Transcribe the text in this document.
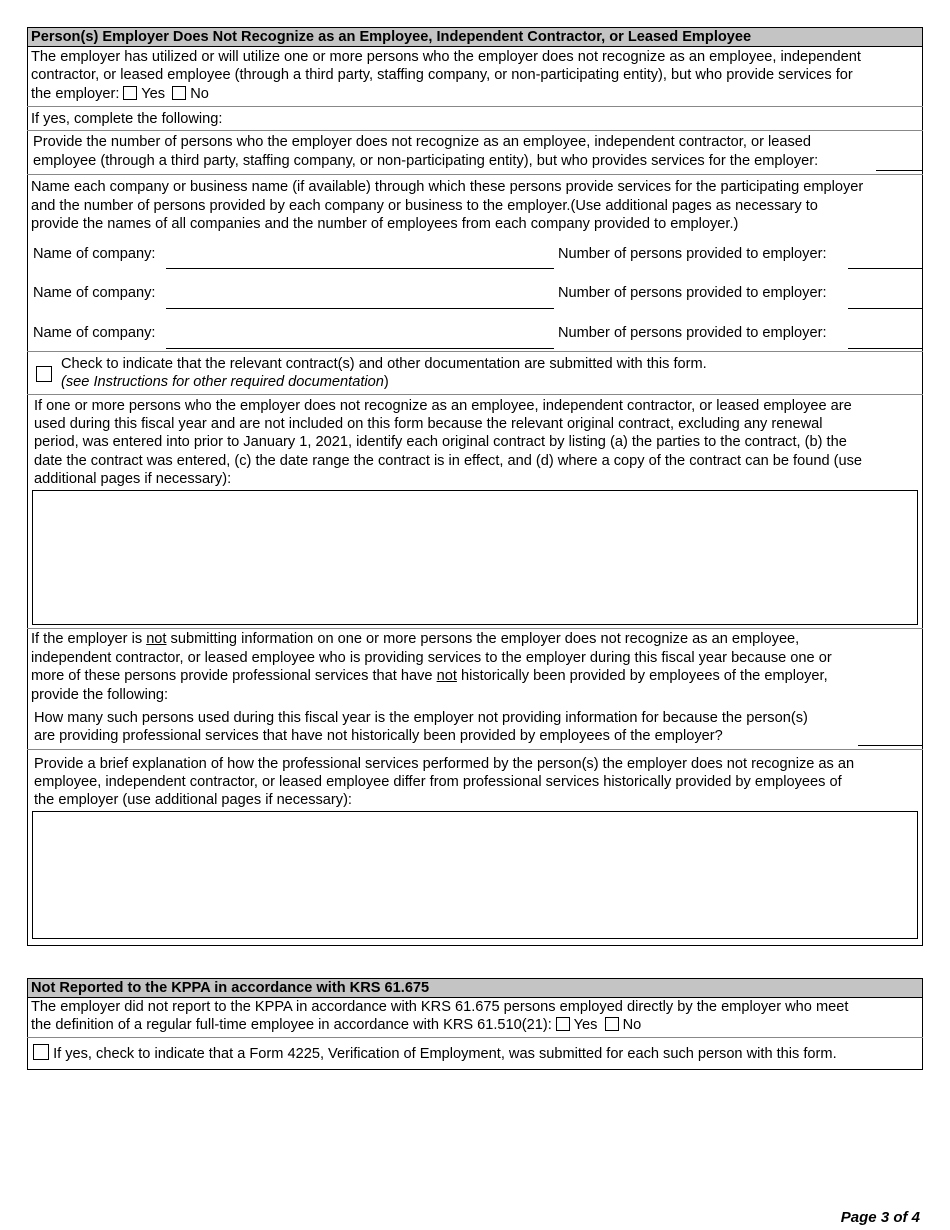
Person(s) Employer Does Not Recognize as an Employee, Independent Contractor, or Leased Employee
The employer has utilized or will utilize one or more persons who the employer does not recognize as an employee, independent
contractor, or leased employee (through a third party, staffing company, or non-participating entity), but who provide services for
the employer: Yes No
If yes, complete the following:
Provide the number of persons who the employer does not recognize as an employee, independent contractor, or leased
employee (through a third party, staffing company, or non-participating entity), but who provides services for the employer:
Name each company or business name (if available) through which these persons provide services for the participating employer
and the number of persons provided by each company or business to the employer.(Use additional pages as necessary to
provide the names of all companies and the number of employees from each company provided to employer.)
Name of company:	Number of persons provided to employer:
Name of company:	Number of persons provided to employer:
Name of company:	Number of persons provided to employer:
Check to indicate that the relevant contract(s) and other documentation are submitted with this form.
(see Instructions for other required documentation)
If one or more persons who the employer does not recognize as an employee, independent contractor, or leased employee are
used during this fiscal year and are not included on this form because the relevant original contract, excluding any renewal
period, was entered into prior to January 1, 2021, identify each original contract by listing (a) the parties to the contract, (b) the
date the contract was entered, (c) the date range the contract is in effect, and (d) where a copy of the contract can be found (use
additional pages if necessary):
If the employer is not submitting information on one or more persons the employer does not recognize as an employee,
independent contractor, or leased employee who is providing services to the employer during this fiscal year because one or
more of these persons provide professional services that have not historically been provided by employees of the employer,
provide the following:
How many such persons used during this fiscal year is the employer not providing information for because the person(s)
are providing professional services that have not historically been provided by employees of the employer?
Provide a brief explanation of how the professional services performed by the person(s) the employer does not recognize as an
employee, independent contractor, or leased employee differ from professional services historically provided by employees of
the employer (use additional pages if necessary):
Not Reported to the KPPA in accordance with KRS 61.675
The employer did not report to the KPPA in accordance with KRS 61.675 persons employed directly by the employer who meet
the definition of a regular full-time employee in accordance with KRS 61.510(21): Yes No
If yes, check to indicate that a Form 4225, Verification of Employment, was submitted for each such person with this form.
Page 3 of 4
